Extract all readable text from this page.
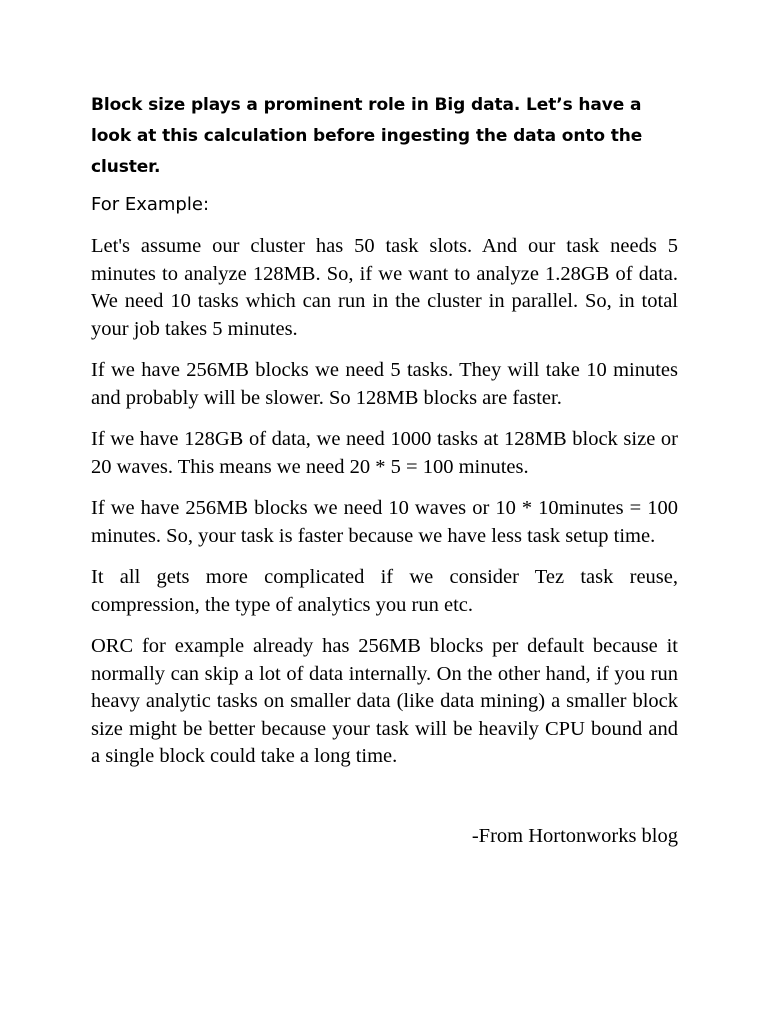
Block size plays a prominent role in Big data. Let’s have a look at this calculation before ingesting the data onto the cluster.

For Example:

Let's assume our cluster has 50 task slots. And our task needs 5 minutes to analyze 128MB. So, if we want to analyze 1.28GB of data. We need 10 tasks which can run in the cluster in parallel. So, in total your job takes 5 minutes.

If we have 256MB blocks we need 5 tasks. They will take 10 minutes and probably will be slower. So 128MB blocks are faster.

If we have 128GB of data, we need 1000 tasks at 128MB block size or 20 waves. This means we need 20 * 5 = 100 minutes.

If we have 256MB blocks we need 10 waves or 10 * 10minutes = 100 minutes. So, your task is faster because we have less task setup time.

It all gets more complicated if we consider Tez task reuse, compression, the type of analytics you run etc.

ORC for example already has 256MB blocks per default because it normally can skip a lot of data internally. On the other hand, if you run heavy analytic tasks on smaller data (like data mining) a smaller block size might be better because your task will be heavily CPU bound and a single block could take a long time.

-From Hortonworks blog
